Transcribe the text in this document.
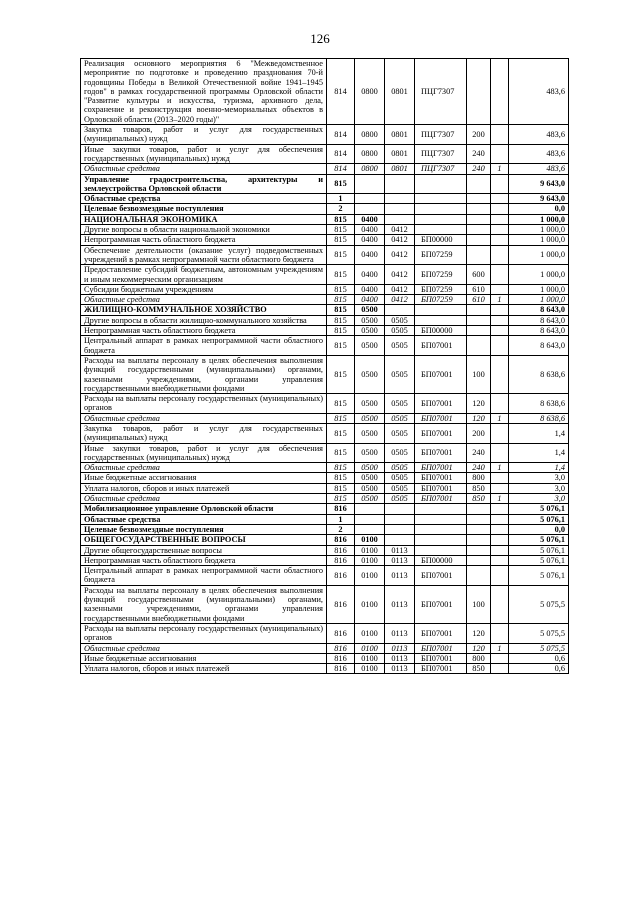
126
Реализация основного мероприятия 6 "Межведомственное мероприятие по подготовке и проведению празднования 70-й годовщины Победы в Великой Отечественной войне 1941–1945 годов" в рамках государственной программы Орловской области "Развитие культуры и искусства, туризма, архивного дела, сохранение и реконструкция военно-мемориальных объектов в Орловской области (2013–2020 годы)"	814	0800	0801	ПЦГ7307			483,6
Закупка товаров, работ и услуг для государственных (муниципальных) нужд	814	0800	0801	ПЦГ7307	200		483,6
Иные закупки товаров, работ и услуг для обеспечения государственных (муниципальных) нужд	814	0800	0801	ПЦГ7307	240		483,6
Областные средства	814	0800	0801	ПЦГ7307	240	1	483,6
Управление градостроительства, архитектуры и землеустройства Орловской области	815						9 643,0
Областные средства	1						9 643,0
Целевые безвозмездные поступления	2						0,0
НАЦИОНАЛЬНАЯ ЭКОНОМИКА	815	0400					1 000,0
Другие вопросы в области национальной экономики	815	0400	0412				1 000,0
Непрограммная часть областного бюджета	815	0400	0412	БП00000			1 000,0
Обеспечение деятельности (оказание услуг) подведомственных учреждений в рамках непрограммной части областного бюджета	815	0400	0412	БП07259			1 000,0
Предоставление субсидий бюджетным, автономным учреждениям и иным некоммерческим организациям	815	0400	0412	БП07259	600		1 000,0
Субсидии бюджетным учреждениям	815	0400	0412	БП07259	610		1 000,0
Областные средства	815	0400	0412	БП07259	610	1	1 000,0
ЖИЛИЩНО-КОММУНАЛЬНОЕ ХОЗЯЙСТВО	815	0500					8 643,0
Другие вопросы в области жилищно-коммунального хозяйства	815	0500	0505				8 643,0
Непрограммная часть областного бюджета	815	0500	0505	БП00000			8 643,0
Центральный аппарат в рамках непрограммной части областного бюджета	815	0500	0505	БП07001			8 643,0
Расходы на выплаты персоналу в целях обеспечения выполнения функций государственными (муниципальными) органами, казенными учреждениями, органами управления государственными внебюджетными фондами	815	0500	0505	БП07001	100		8 638,6
Расходы на выплаты персоналу государственных (муниципальных) органов	815	0500	0505	БП07001	120		8 638,6
Областные средства	815	0500	0505	БП07001	120	1	8 638,6
Закупка товаров, работ и услуг для государственных (муниципальных) нужд	815	0500	0505	БП07001	200		1,4
Иные закупки товаров, работ и услуг для обеспечения государственных (муниципальных) нужд	815	0500	0505	БП07001	240		1,4
Областные средства	815	0500	0505	БП07001	240	1	1,4
Иные бюджетные ассигнования	815	0500	0505	БП07001	800		3,0
Уплата налогов, сборов и иных платежей	815	0500	0505	БП07001	850		3,0
Областные средства	815	0500	0505	БП07001	850	1	3,0
Мобилизационное управление Орловской области	816						5 076,1
Областные средства	1						5 076,1
Целевые безвозмездные поступления	2						0,0
ОБЩЕГОСУДАРСТВЕННЫЕ ВОПРОСЫ	816	0100					5 076,1
Другие общегосударственные вопросы	816	0100	0113				5 076,1
Непрограммная часть областного бюджета	816	0100	0113	БП00000			5 076,1
Центральный аппарат в рамках непрограммной части областного бюджета	816	0100	0113	БП07001			5 076,1
Расходы на выплаты персоналу в целях обеспечения выполнения функций государственными (муниципальными) органами, казенными учреждениями, органами управления государственными внебюджетными фондами	816	0100	0113	БП07001	100		5 075,5
Расходы на выплаты персоналу государственных (муниципальных) органов	816	0100	0113	БП07001	120		5 075,5
Областные средства	816	0100	0113	БП07001	120	1	5 075,5
Иные бюджетные ассигнования	816	0100	0113	БП07001	800		0,6
Уплата налогов, сборов и иных платежей	816	0100	0113	БП07001	850		0,6
